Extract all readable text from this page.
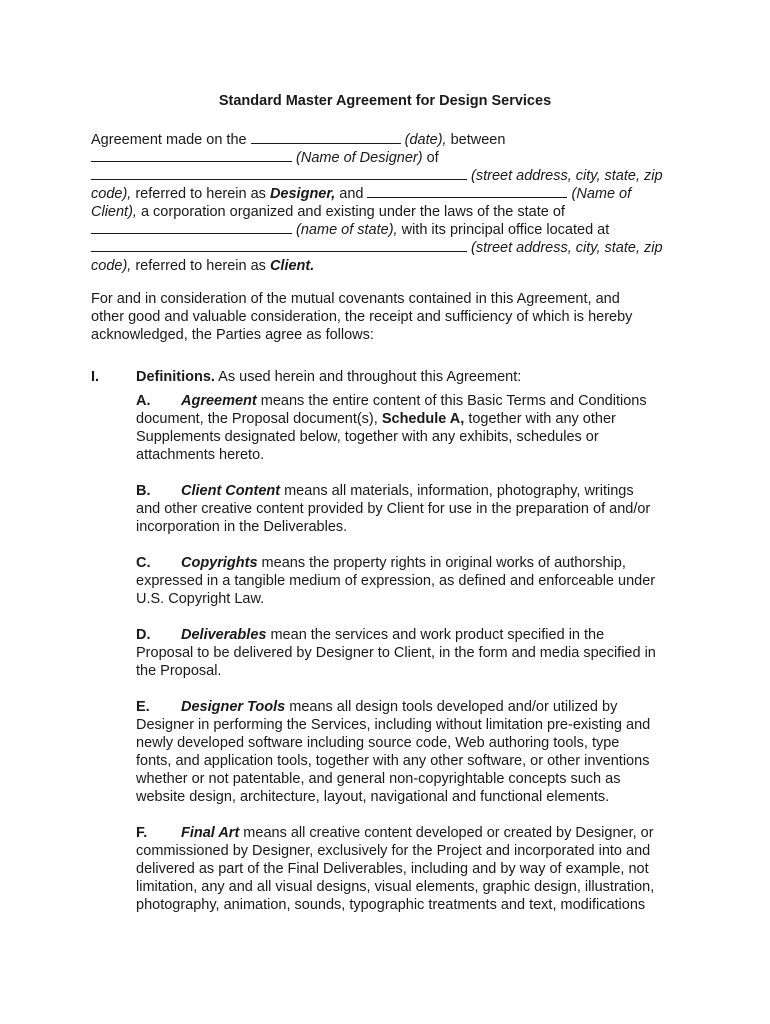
Standard Master Agreement for Design Services
Agreement made on the	(date), between
(Name of Designer) of
(street address, city, state, zip
code), referred to herein as Designer, and	(Name of
Client), a corporation organized and existing under the laws of the state of
(name of state), with its principal office located at
(street address, city, state, zip
code), referred to herein as Client.
For and in consideration of the mutual covenants contained in this Agreement, and
other good and valuable consideration, the receipt and sufficiency of which is hereby
acknowledged, the Parties agree as follows:
I.	Definitions. As used herein and throughout this Agreement:
A. Agreement means the entire content of this Basic Terms and Conditions
document, the Proposal document(s), Schedule A, together with any other
Supplements designated below, together with any exhibits, schedules or
attachments hereto.
B. Client Content means all materials, information, photography, writings
and other creative content provided by Client for use in the preparation of and/or
incorporation in the Deliverables.
C. Copyrights means the property rights in original works of authorship,
expressed in a tangible medium of expression, as defined and enforceable under
U.S. Copyright Law.
D. Deliverables mean the services and work product specified in the
Proposal to be delivered by Designer to Client, in the form and media specified in
the Proposal.
E. Designer Tools means all design tools developed and/or utilized by
Designer in performing the Services, including without limitation pre-existing and
newly developed software including source code, Web authoring tools, type
fonts, and application tools, together with any other software, or other inventions
whether or not patentable, and general non-copyrightable concepts such as
website design, architecture, layout, navigational and functional elements.
F. Final Art means all creative content developed or created by Designer, or
commissioned by Designer, exclusively for the Project and incorporated into and
delivered as part of the Final Deliverables, including and by way of example, not
limitation, any and all visual designs, visual elements, graphic design, illustration,
photography, animation, sounds, typographic treatments and text, modifications
